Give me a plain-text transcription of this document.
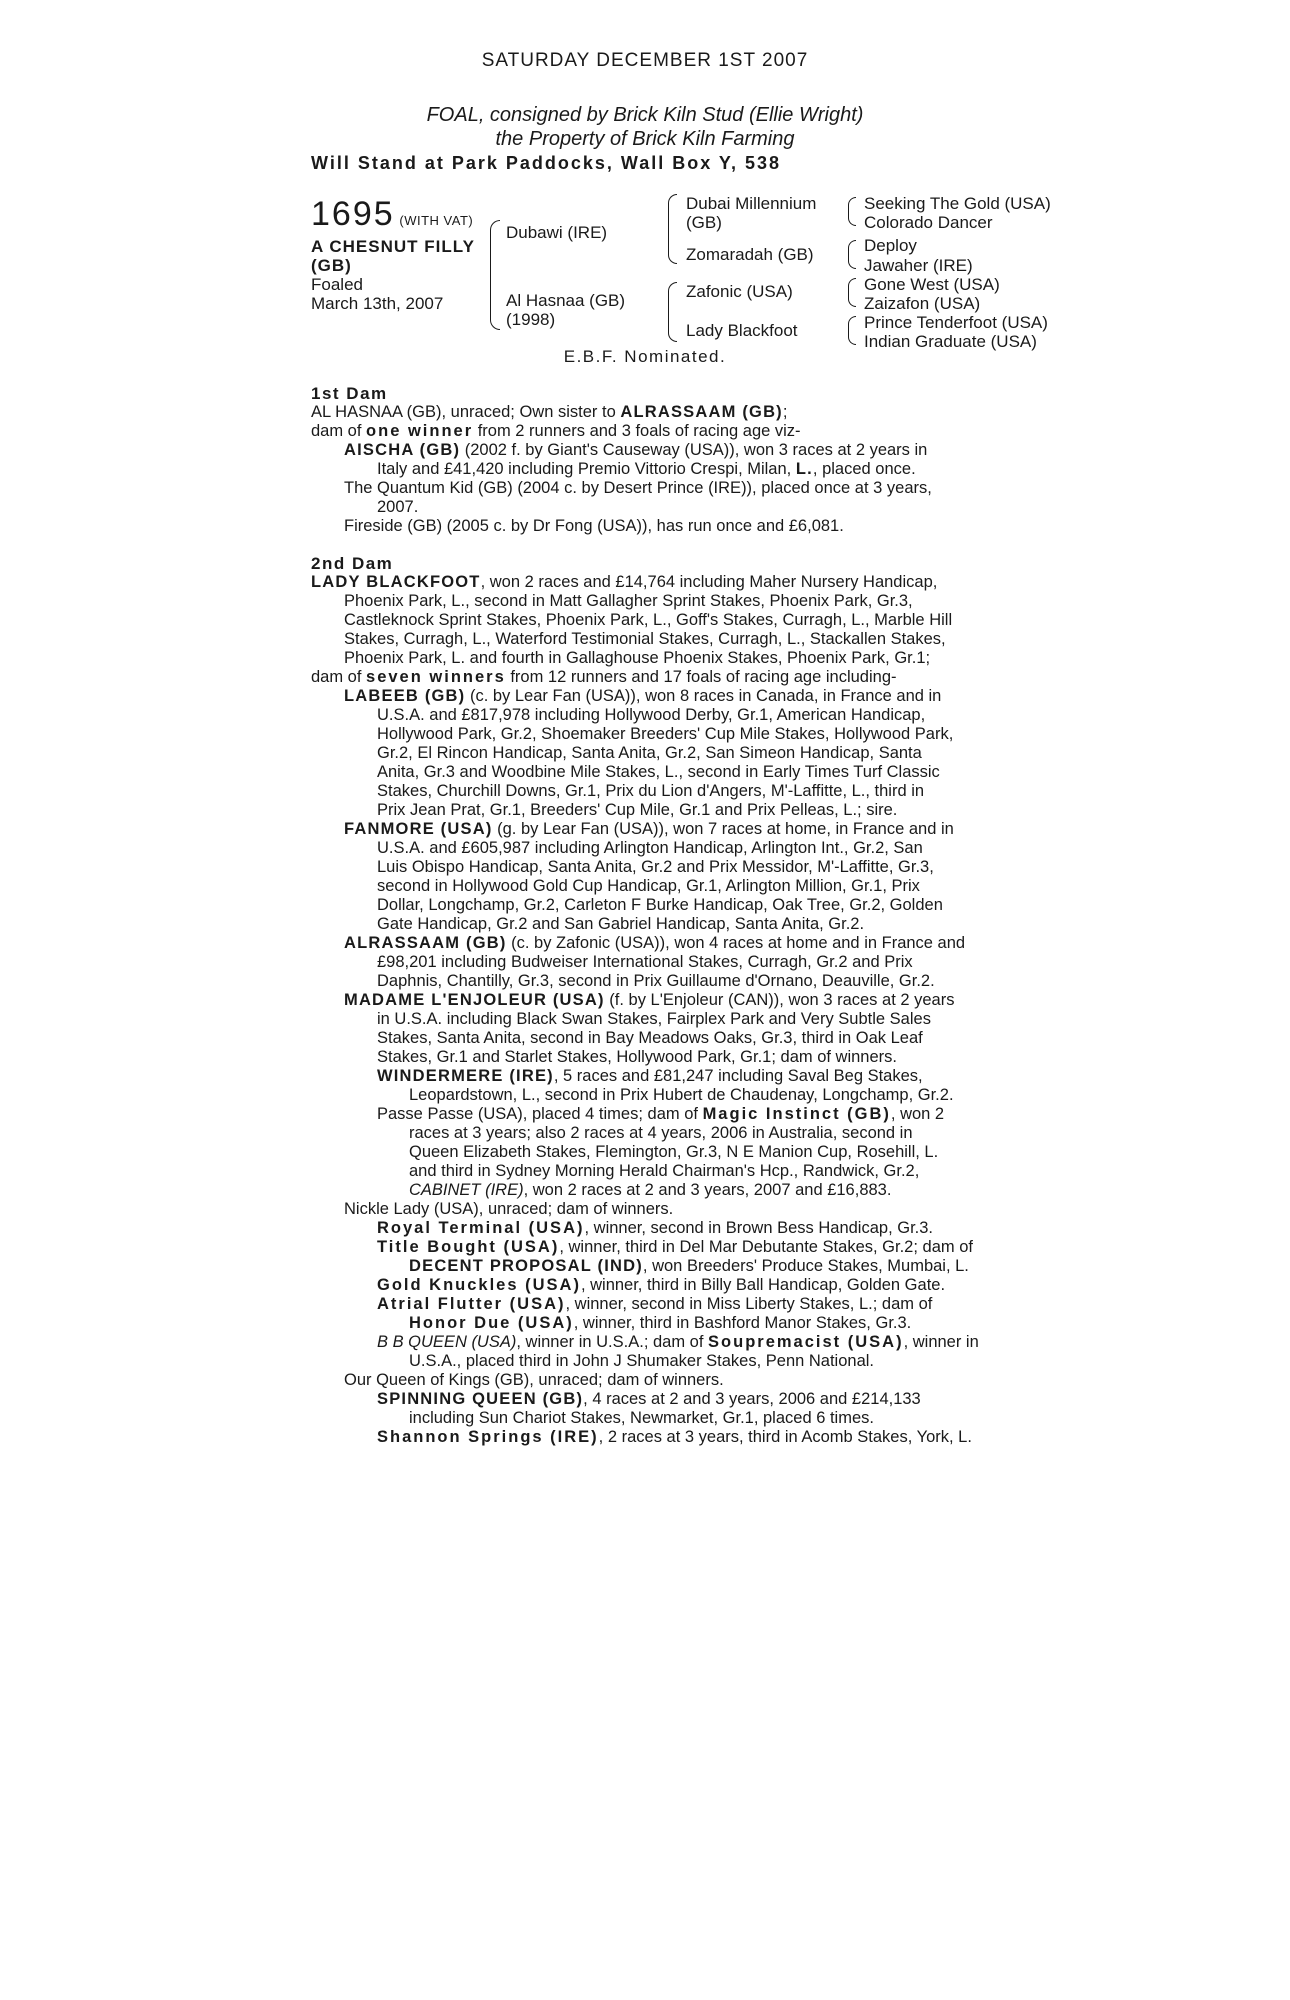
SATURDAY DECEMBER 1ST 2007
FOAL, consigned by Brick Kiln Stud (Ellie Wright)
the Property of Brick Kiln Farming
Will Stand at Park Paddocks, Wall Box Y, 538
1695 (WITH VAT)
A CHESNUT FILLY
(GB)
Foaled
March 13th, 2007
Dubawi (IRE)
Al Hasnaa (GB)
(1998)
Dubai Millennium
(GB)
Zomaradah (GB)
Zafonic (USA)
Lady Blackfoot
Seeking The Gold (USA)
Colorado Dancer
Deploy
Jawaher (IRE)
Gone West (USA)
Zaizafon (USA)
Prince Tenderfoot (USA)
Indian Graduate (USA)
E.B.F. Nominated.
1st Dam
AL HASNAA (GB), unraced; Own sister to ALRASSAAM (GB);
dam of one winner from 2 runners and 3 foals of racing age viz-
AISCHA (GB) (2002 f. by Giant's Causeway (USA)), won 3 races at 2 years in
Italy and £41,420 including Premio Vittorio Crespi, Milan, L., placed once.
The Quantum Kid (GB) (2004 c. by Desert Prince (IRE)), placed once at 3 years,
2007.
Fireside (GB) (2005 c. by Dr Fong (USA)), has run once and £6,081.
2nd Dam
LADY BLACKFOOT, won 2 races and £14,764 including Maher Nursery Handicap,
Phoenix Park, L., second in Matt Gallagher Sprint Stakes, Phoenix Park, Gr.3,
Castleknock Sprint Stakes, Phoenix Park, L., Goff's Stakes, Curragh, L., Marble Hill
Stakes, Curragh, L., Waterford Testimonial Stakes, Curragh, L., Stackallen Stakes,
Phoenix Park, L. and fourth in Gallaghouse Phoenix Stakes, Phoenix Park, Gr.1;
dam of seven winners from 12 runners and 17 foals of racing age including-
LABEEB (GB) (c. by Lear Fan (USA)), won 8 races in Canada, in France and in
U.S.A. and £817,978 including Hollywood Derby, Gr.1, American Handicap,
Hollywood Park, Gr.2, Shoemaker Breeders' Cup Mile Stakes, Hollywood Park,
Gr.2, El Rincon Handicap, Santa Anita, Gr.2, San Simeon Handicap, Santa
Anita, Gr.3 and Woodbine Mile Stakes, L., second in Early Times Turf Classic
Stakes, Churchill Downs, Gr.1, Prix du Lion d'Angers, M'-Laffitte, L., third in
Prix Jean Prat, Gr.1, Breeders' Cup Mile, Gr.1 and Prix Pelleas, L.; sire.
FANMORE (USA) (g. by Lear Fan (USA)), won 7 races at home, in France and in
U.S.A. and £605,987 including Arlington Handicap, Arlington Int., Gr.2, San
Luis Obispo Handicap, Santa Anita, Gr.2 and Prix Messidor, M'-Laffitte, Gr.3,
second in Hollywood Gold Cup Handicap, Gr.1, Arlington Million, Gr.1, Prix
Dollar, Longchamp, Gr.2, Carleton F Burke Handicap, Oak Tree, Gr.2, Golden
Gate Handicap, Gr.2 and San Gabriel Handicap, Santa Anita, Gr.2.
ALRASSAAM (GB) (c. by Zafonic (USA)), won 4 races at home and in France and
£98,201 including Budweiser International Stakes, Curragh, Gr.2 and Prix
Daphnis, Chantilly, Gr.3, second in Prix Guillaume d'Ornano, Deauville, Gr.2.
MADAME L'ENJOLEUR (USA) (f. by L'Enjoleur (CAN)), won 3 races at 2 years
in U.S.A. including Black Swan Stakes, Fairplex Park and Very Subtle Sales
Stakes, Santa Anita, second in Bay Meadows Oaks, Gr.3, third in Oak Leaf
Stakes, Gr.1 and Starlet Stakes, Hollywood Park, Gr.1; dam of winners.
WINDERMERE (IRE), 5 races and £81,247 including Saval Beg Stakes,
Leopardstown, L., second in Prix Hubert de Chaudenay, Longchamp, Gr.2.
Passe Passe (USA), placed 4 times; dam of Magic Instinct (GB), won 2
races at 3 years; also 2 races at 4 years, 2006 in Australia, second in
Queen Elizabeth Stakes, Flemington, Gr.3, N E Manion Cup, Rosehill, L.
and third in Sydney Morning Herald Chairman's Hcp., Randwick, Gr.2,
CABINET (IRE), won 2 races at 2 and 3 years, 2007 and £16,883.
Nickle Lady (USA), unraced; dam of winners.
Royal Terminal (USA), winner, second in Brown Bess Handicap, Gr.3.
Title Bought (USA), winner, third in Del Mar Debutante Stakes, Gr.2; dam of
DECENT PROPOSAL (IND), won Breeders' Produce Stakes, Mumbai, L.
Gold Knuckles (USA), winner, third in Billy Ball Handicap, Golden Gate.
Atrial Flutter (USA), winner, second in Miss Liberty Stakes, L.; dam of
Honor Due (USA), winner, third in Bashford Manor Stakes, Gr.3.
B B QUEEN (USA), winner in U.S.A.; dam of Soupremacist (USA), winner in
U.S.A., placed third in John J Shumaker Stakes, Penn National.
Our Queen of Kings (GB), unraced; dam of winners.
SPINNING QUEEN (GB), 4 races at 2 and 3 years, 2006 and £214,133
including Sun Chariot Stakes, Newmarket, Gr.1, placed 6 times.
Shannon Springs (IRE), 2 races at 3 years, third in Acomb Stakes, York, L.
